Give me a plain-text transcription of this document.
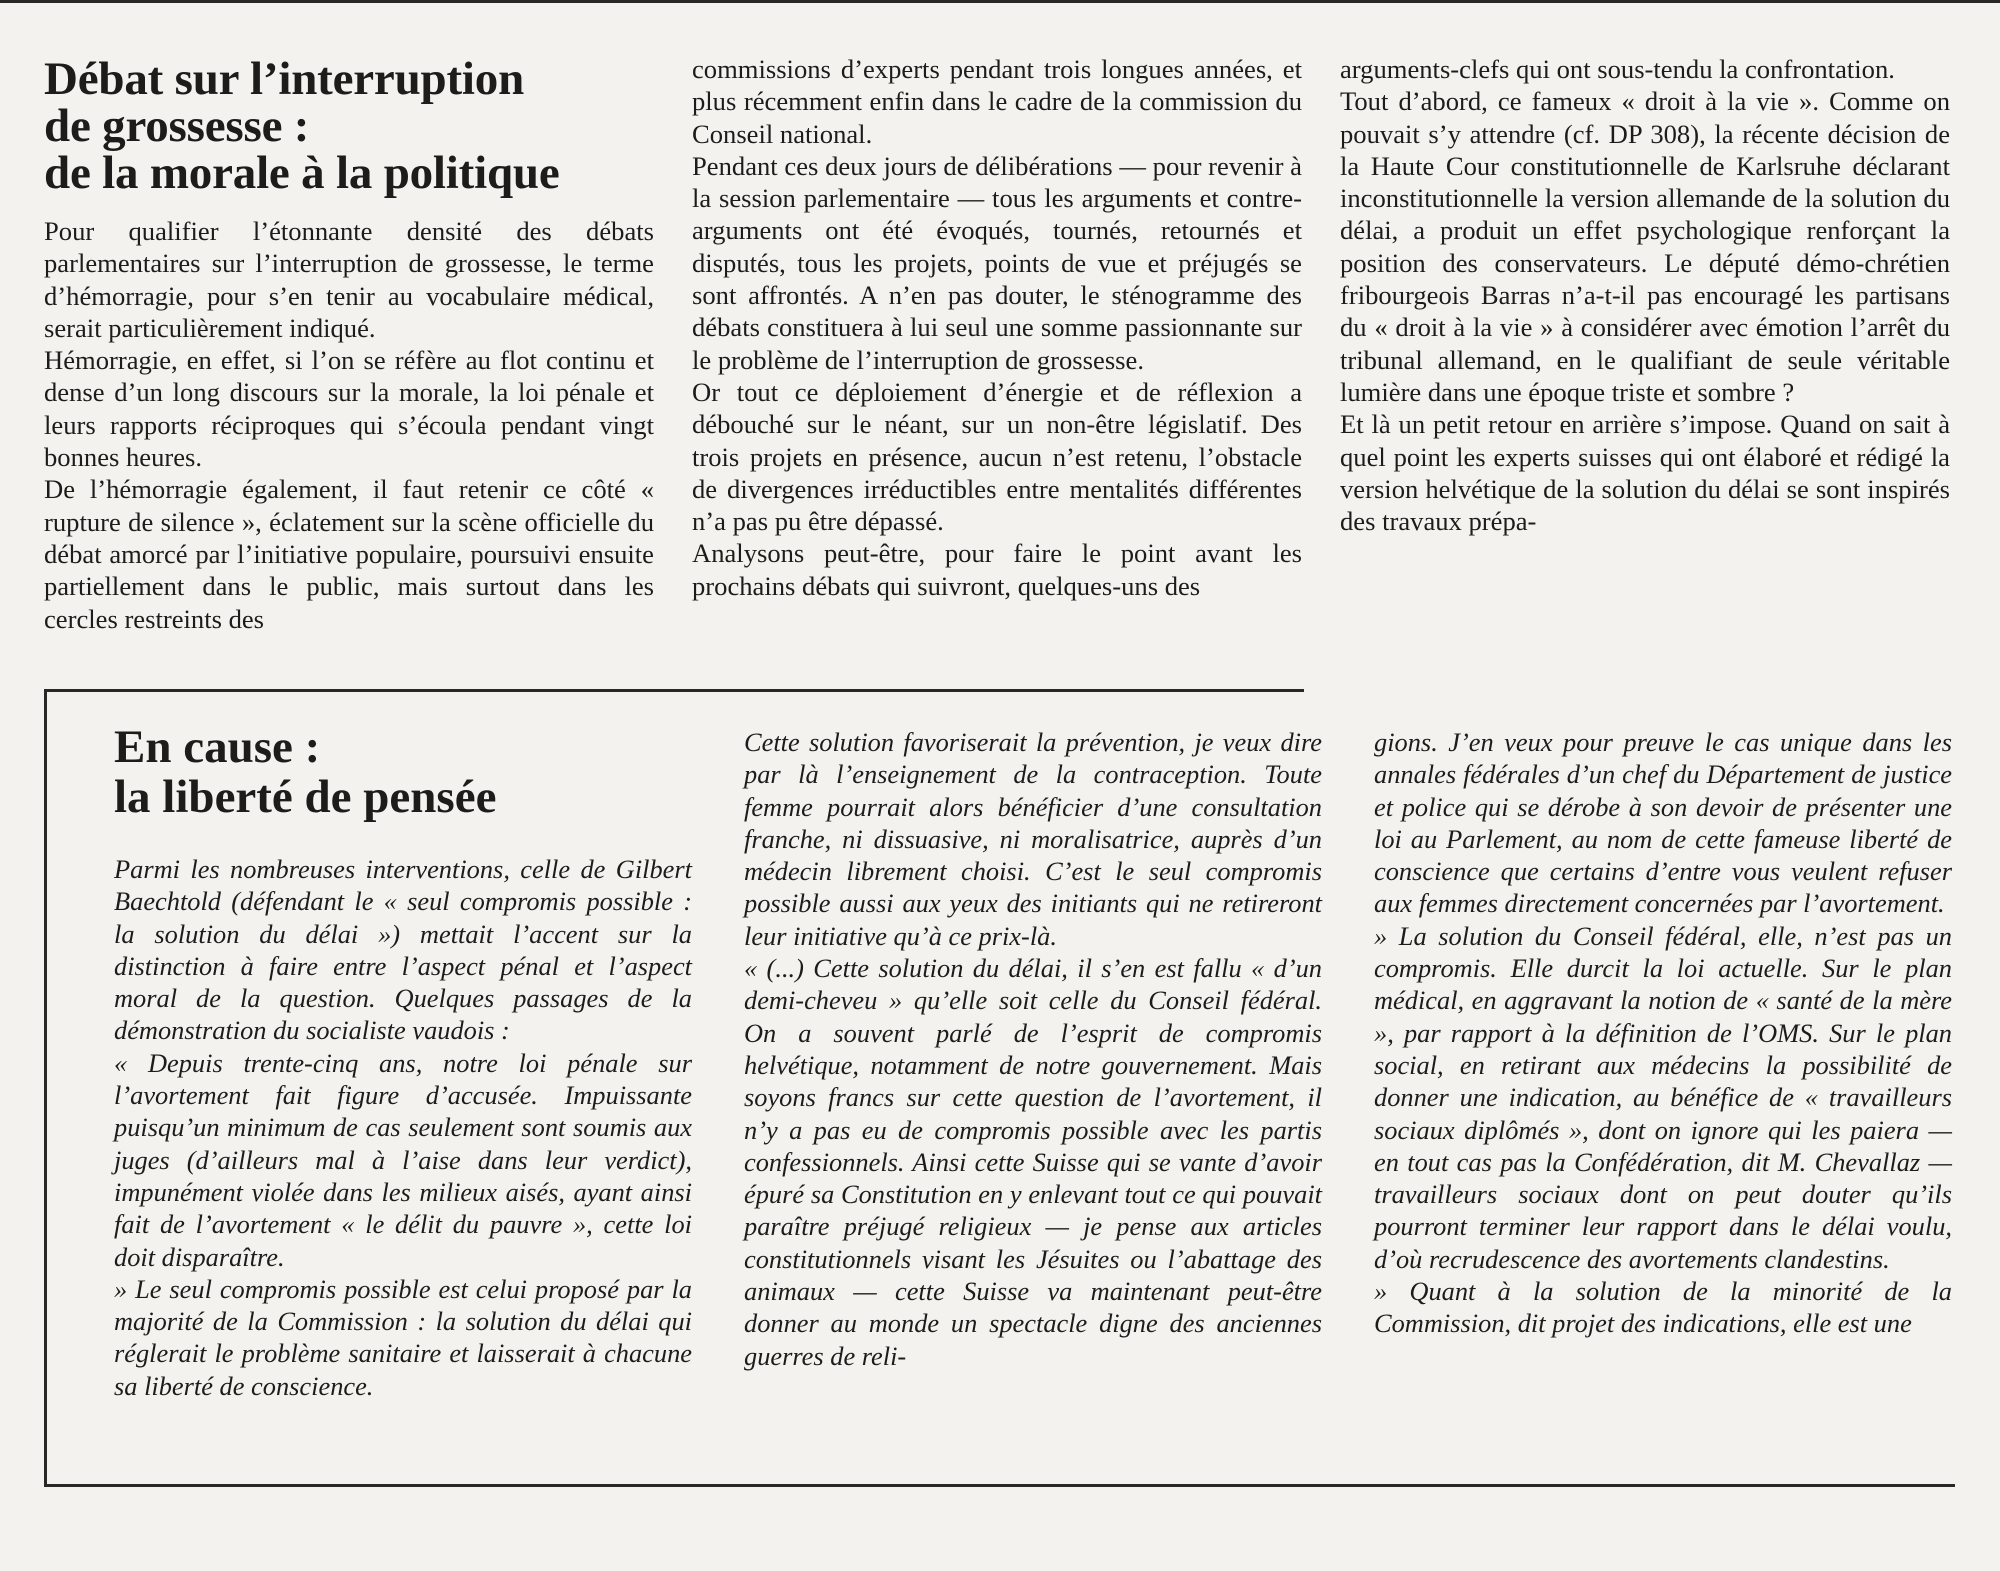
Débat sur l’interruption
de grossesse :
de la morale à la politique

Pour qualifier l’étonnante densité des débats parlementaires sur l’interruption de grossesse, le terme d’hémorragie, pour s’en tenir au vocabulaire médical, serait particulièrement indiqué.

Hémorragie, en effet, si l’on se réfère au flot continu et dense d’un long discours sur la morale, la loi pénale et leurs rapports réciproques qui s’écoula pendant vingt bonnes heures.

De l’hémorragie également, il faut retenir ce côté « rupture de silence », éclatement sur la scène officielle du débat amorcé par l’initiative populaire, poursuivi ensuite partiellement dans le public, mais surtout dans les cercles restreints des

commissions d’experts pendant trois longues années, et plus récemment enfin dans le cadre de la commission du Conseil national.

Pendant ces deux jours de délibérations — pour revenir à la session parlementaire — tous les arguments et contre-arguments ont été évoqués, tournés, retournés et disputés, tous les projets, points de vue et préjugés se sont affrontés. A n’en pas douter, le sténogramme des débats constituera à lui seul une somme passionnante sur le problème de l’interruption de grossesse.

Or tout ce déploiement d’énergie et de réflexion a débouché sur le néant, sur un non-être législatif. Des trois projets en présence, aucun n’est retenu, l’obstacle de divergences irréductibles entre mentalités différentes n’a pas pu être dépassé.

Analysons peut-être, pour faire le point avant les prochains débats qui suivront, quelques-uns des

arguments-clefs qui ont sous-tendu la confrontation.

Tout d’abord, ce fameux « droit à la vie ». Comme on pouvait s’y attendre (cf. DP 308), la récente décision de la Haute Cour constitutionnelle de Karlsruhe déclarant inconstitutionnelle la version allemande de la solution du délai, a produit un effet psychologique renforçant la position des conservateurs. Le député démo-chrétien fribourgeois Barras n’a-t-il pas encouragé les partisans du « droit à la vie » à considérer avec émotion l’arrêt du tribunal allemand, en le qualifiant de seule véritable lumière dans une époque triste et sombre ?

Et là un petit retour en arrière s’impose. Quand on sait à quel point les experts suisses qui ont élaboré et rédigé la version helvétique de la solution du délai se sont inspirés des travaux prépa-

En cause :
la liberté de pensée

Parmi les nombreuses interventions, celle de Gilbert Baechtold (défendant le « seul compromis possible : la solution du délai ») mettait l’accent sur la distinction à faire entre l’aspect pénal et l’aspect moral de la question. Quelques passages de la démonstration du socialiste vaudois :

« Depuis trente-cinq ans, notre loi pénale sur l’avortement fait figure d’accusée. Impuissante puisqu’un minimum de cas seulement sont soumis aux juges (d’ailleurs mal à l’aise dans leur verdict), impunément violée dans les milieux aisés, ayant ainsi fait de l’avortement « le délit du pauvre », cette loi doit disparaître.

» Le seul compromis possible est celui proposé par la majorité de la Commission : la solution du délai qui réglerait le problème sanitaire et laisserait à chacune sa liberté de conscience.

Cette solution favoriserait la prévention, je veux dire par là l’enseignement de la contraception. Toute femme pourrait alors bénéficier d’une consultation franche, ni dissuasive, ni moralisatrice, auprès d’un médecin librement choisi. C’est le seul compromis possible aussi aux yeux des initiants qui ne retireront leur initiative qu’à ce prix-là.

« (...) Cette solution du délai, il s’en est fallu « d’un demi-cheveu » qu’elle soit celle du Conseil fédéral. On a souvent parlé de l’esprit de compromis helvétique, notamment de notre gouvernement. Mais soyons francs sur cette question de l’avortement, il n’y a pas eu de compromis possible avec les partis confessionnels. Ainsi cette Suisse qui se vante d’avoir épuré sa Constitution en y enlevant tout ce qui pouvait paraître préjugé religieux — je pense aux articles constitutionnels visant les Jésuites ou l’abattage des animaux — cette Suisse va maintenant peut-être donner au monde un spectacle digne des anciennes guerres de reli-

gions. J’en veux pour preuve le cas unique dans les annales fédérales d’un chef du Département de justice et police qui se dérobe à son devoir de présenter une loi au Parlement, au nom de cette fameuse liberté de conscience que certains d’entre vous veulent refuser aux femmes directement concernées par l’avortement.

» La solution du Conseil fédéral, elle, n’est pas un compromis. Elle durcit la loi actuelle. Sur le plan médical, en aggravant la notion de « santé de la mère », par rapport à la définition de l’OMS. Sur le plan social, en retirant aux médecins la possibilité de donner une indication, au bénéfice de « travailleurs sociaux diplômés », dont on ignore qui les paiera — en tout cas pas la Confédération, dit M. Chevallaz — travailleurs sociaux dont on peut douter qu’ils pourront terminer leur rapport dans le délai voulu, d’où recrudescence des avortements clandestins.

» Quant à la solution de la minorité de la Commission, dit projet des indications, elle est une
